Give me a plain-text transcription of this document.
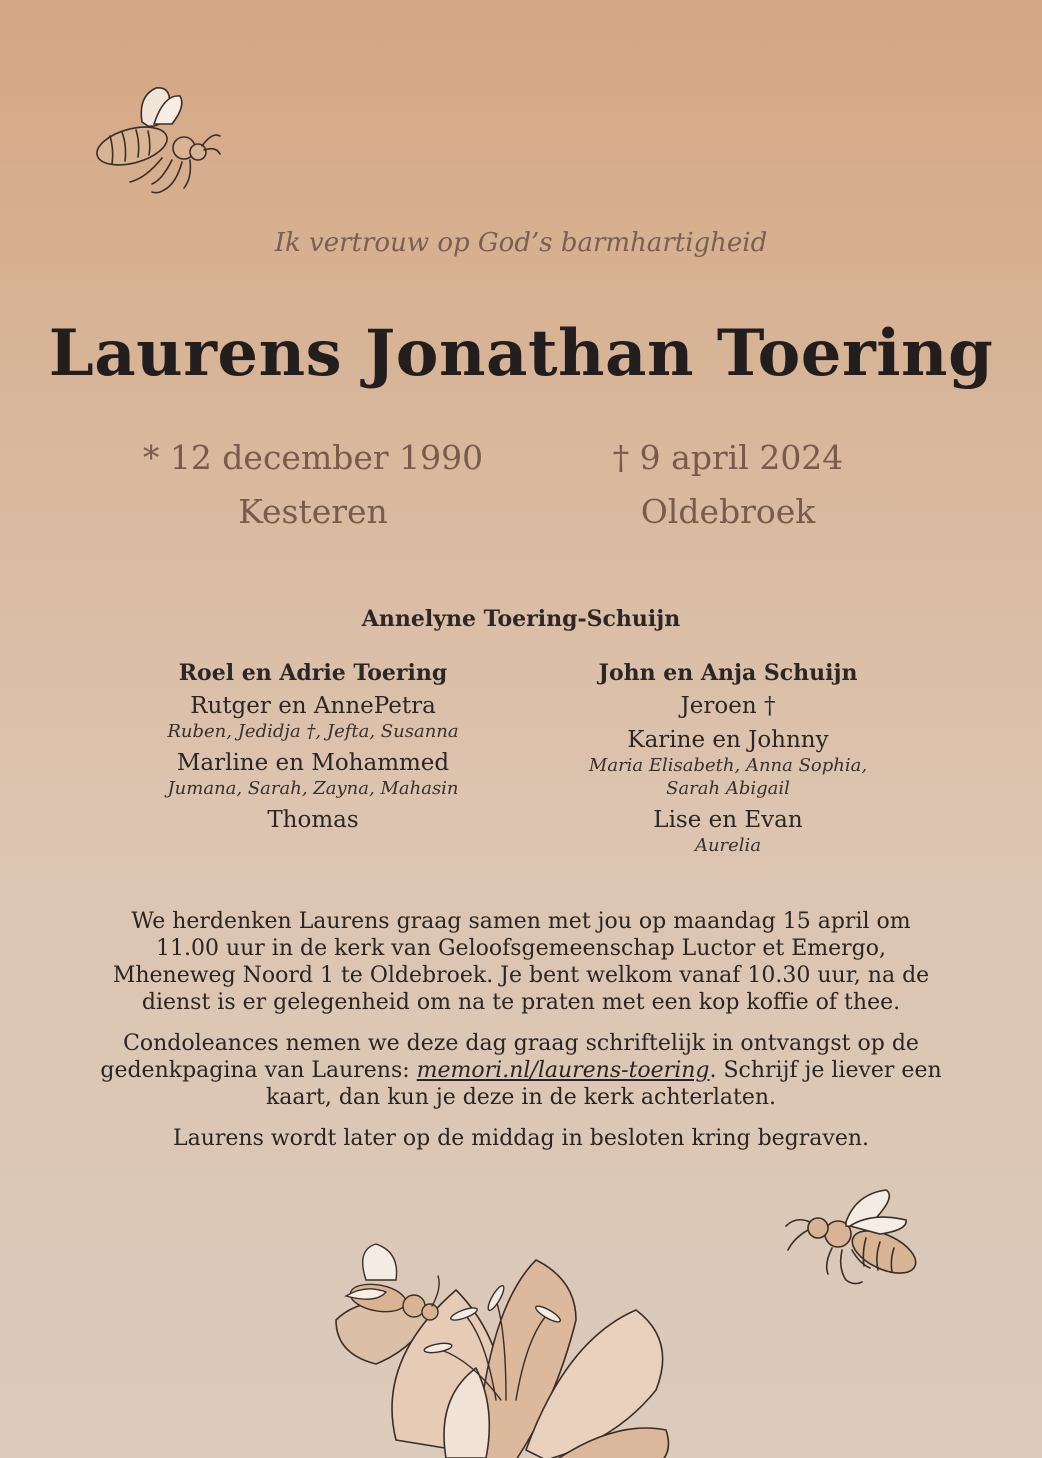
Ik vertrouw op God’s barmhartigheid
Laurens Jonathan Toering
* 12 december 1990	† 9 april 2024
Kesteren	Oldebroek
Annelyne Toering-Schuijn
Roel en Adrie Toering
Rutger en AnnePetra
Ruben, Jedidja †, Jefta, Susanna
Marline en Mohammed
Jumana, Sarah, Zayna, Mahasin
Thomas
John en Anja Schuijn
Jeroen †
Karine en Johnny
Maria Elisabeth, Anna Sophia,
Sarah Abigail
Lise en Evan
Aurelia

We herdenken Laurens graag samen met jou op maandag 15 april om 11.00 uur in de kerk van Geloofsgemeenschap Luctor et Emergo, Mheneweg Noord 1 te Oldebroek. Je bent welkom vanaf 10.30 uur, na de dienst is er gelegenheid om na te praten met een kop koffie of thee.

Condoleances nemen we deze dag graag schriftelijk in ontvangst op de gedenkpagina van Laurens: memori.nl/laurens-toering. Schrijf je liever een kaart, dan kun je deze in de kerk achterlaten.

Laurens wordt later op de middag in besloten kring begraven.
